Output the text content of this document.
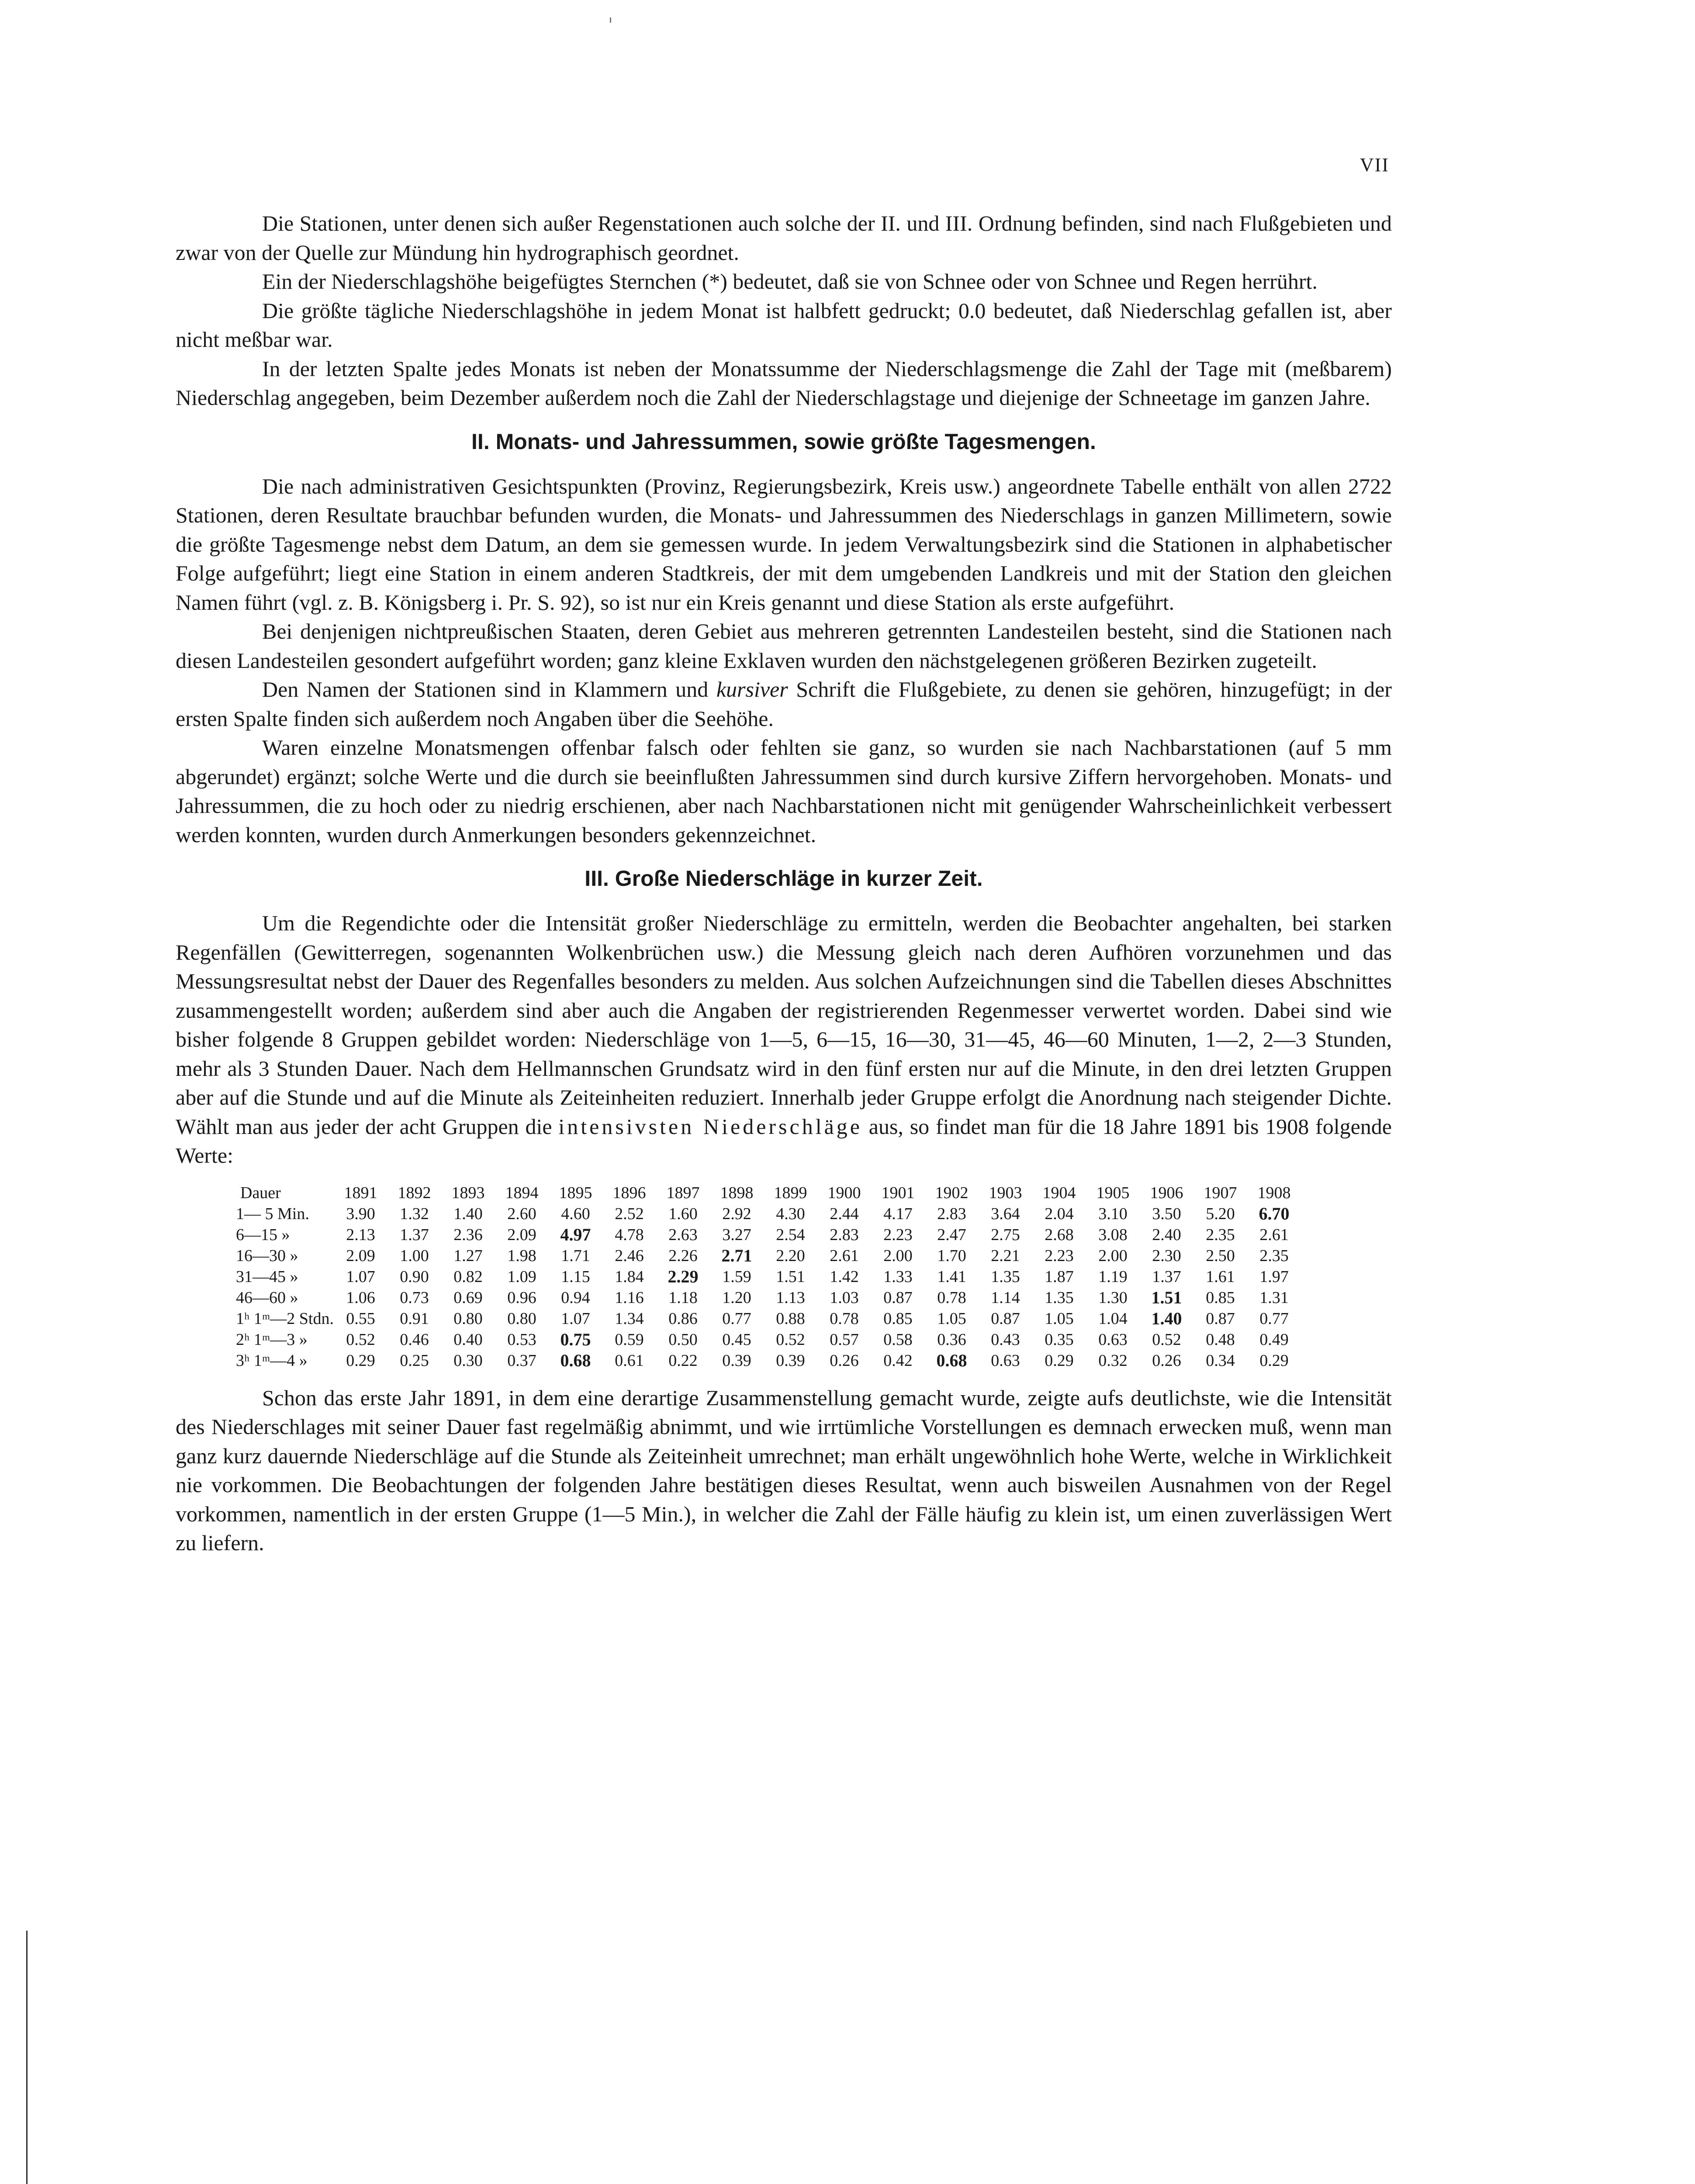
VII

Die Stationen, unter denen sich außer Regenstationen auch solche der II. und III. Ordnung befinden, sind nach Flußgebieten und zwar von der Quelle zur Mündung hin hydrographisch geordnet.

Ein der Niederschlagshöhe beigefügtes Sternchen (*) bedeutet, daß sie von Schnee oder von Schnee und Regen herrührt.

Die größte tägliche Niederschlagshöhe in jedem Monat ist halbfett gedruckt; 0.0 bedeutet, daß Niederschlag gefallen ist, aber nicht meßbar war.

In der letzten Spalte jedes Monats ist neben der Monatssumme der Niederschlagsmenge die Zahl der Tage mit (meßbarem) Niederschlag angegeben, beim Dezember außerdem noch die Zahl der Niederschlagstage und diejenige der Schneetage im ganzen Jahre.

II. Monats- und Jahressummen, sowie größte Tagesmengen.

Die nach administrativen Gesichtspunkten (Provinz, Regierungsbezirk, Kreis usw.) angeordnete Tabelle enthält von allen 2722 Stationen, deren Resultate brauchbar befunden wurden, die Monats- und Jahressummen des Niederschlags in ganzen Millimetern, sowie die größte Tagesmenge nebst dem Datum, an dem sie gemessen wurde. In jedem Verwaltungsbezirk sind die Stationen in alphabetischer Folge aufgeführt; liegt eine Station in einem anderen Stadtkreis, der mit dem umgebenden Landkreis und mit der Station den gleichen Namen führt (vgl. z. B. Königsberg i. Pr. S. 92), so ist nur ein Kreis genannt und diese Station als erste aufgeführt.

Bei denjenigen nichtpreußischen Staaten, deren Gebiet aus mehreren getrennten Landesteilen besteht, sind die Stationen nach diesen Landesteilen gesondert aufgeführt worden; ganz kleine Exklaven wurden den nächstgelegenen größeren Bezirken zugeteilt.

Den Namen der Stationen sind in Klammern und kursiver Schrift die Flußgebiete, zu denen sie gehören, hinzugefügt; in der ersten Spalte finden sich außerdem noch Angaben über die Seehöhe.

Waren einzelne Monatsmengen offenbar falsch oder fehlten sie ganz, so wurden sie nach Nachbarstationen (auf 5 mm abgerundet) ergänzt; solche Werte und die durch sie beeinflußten Jahressummen sind durch kursive Ziffern hervorgehoben. Monats- und Jahressummen, die zu hoch oder zu niedrig erschienen, aber nach Nachbarstationen nicht mit genügender Wahrscheinlichkeit verbessert werden konnten, wurden durch Anmerkungen besonders gekennzeichnet.

III. Große Niederschläge in kurzer Zeit.

Um die Regendichte oder die Intensität großer Niederschläge zu ermitteln, werden die Beobachter angehalten, bei starken Regenfällen (Gewitterregen, sogenannten Wolkenbrüchen usw.) die Messung gleich nach deren Aufhören vorzunehmen und das Messungsresultat nebst der Dauer des Regenfalles besonders zu melden. Aus solchen Aufzeichnungen sind die Tabellen dieses Abschnittes zusammengestellt worden; außerdem sind aber auch die Angaben der registrierenden Regenmesser verwertet worden. Dabei sind wie bisher folgende 8 Gruppen gebildet worden: Niederschläge von 1—5, 6—15, 16—30, 31—45, 46—60 Minuten, 1—2, 2—3 Stunden, mehr als 3 Stunden Dauer. Nach dem Hellmannschen Grundsatz wird in den fünf ersten nur auf die Minute, in den drei letzten Gruppen aber auf die Stunde und auf die Minute als Zeiteinheiten reduziert. Innerhalb jeder Gruppe erfolgt die Anordnung nach steigender Dichte. Wählt man aus jeder der acht Gruppen die intensivsten Niederschläge aus, so findet man für die 18 Jahre 1891 bis 1908 folgende Werte:

Dauer	1891	1892	1893	1894	1895	1896	1897	1898	1899	1900	1901	1902	1903	1904	1905	1906	1907	1908
1— 5 Min.	3.90	1.32	1.40	2.60	4.60	2.52	1.60	2.92	4.30	2.44	4.17	2.83	3.64	2.04	3.10	3.50	5.20	6.70
6—15 »	2.13	1.37	2.36	2.09	4.97	4.78	2.63	3.27	2.54	2.83	2.23	2.47	2.75	2.68	3.08	2.40	2.35	2.61
16—30 »	2.09	1.00	1.27	1.98	1.71	2.46	2.26	2.71	2.20	2.61	2.00	1.70	2.21	2.23	2.00	2.30	2.50	2.35
31—45 »	1.07	0.90	0.82	1.09	1.15	1.84	2.29	1.59	1.51	1.42	1.33	1.41	1.35	1.87	1.19	1.37	1.61	1.97
46—60 »	1.06	0.73	0.69	0.96	0.94	1.16	1.18	1.20	1.13	1.03	0.87	0.78	1.14	1.35	1.30	1.51	0.85	1.31
1ʰ 1ᵐ—2 Stdn.	0.55	0.91	0.80	0.80	1.07	1.34	0.86	0.77	0.88	0.78	0.85	1.05	0.87	1.05	1.04	1.40	0.87	0.77
2ʰ 1ᵐ—3 »	0.52	0.46	0.40	0.53	0.75	0.59	0.50	0.45	0.52	0.57	0.58	0.36	0.43	0.35	0.63	0.52	0.48	0.49
3ʰ 1ᵐ—4 »	0.29	0.25	0.30	0.37	0.68	0.61	0.22	0.39	0.39	0.26	0.42	0.68	0.63	0.29	0.32	0.26	0.34	0.29

Schon das erste Jahr 1891, in dem eine derartige Zusammenstellung gemacht wurde, zeigte aufs deutlichste, wie die Intensität des Niederschlages mit seiner Dauer fast regelmäßig abnimmt, und wie irrtümliche Vorstellungen es demnach erwecken muß, wenn man ganz kurz dauernde Niederschläge auf die Stunde als Zeiteinheit umrechnet; man erhält ungewöhnlich hohe Werte, welche in Wirklichkeit nie vorkommen. Die Beobachtungen der folgenden Jahre bestätigen dieses Resultat, wenn auch bisweilen Ausnahmen von der Regel vorkommen, namentlich in der ersten Gruppe (1—5 Min.), in welcher die Zahl der Fälle häufig zu klein ist, um einen zuverlässigen Wert zu liefern.
